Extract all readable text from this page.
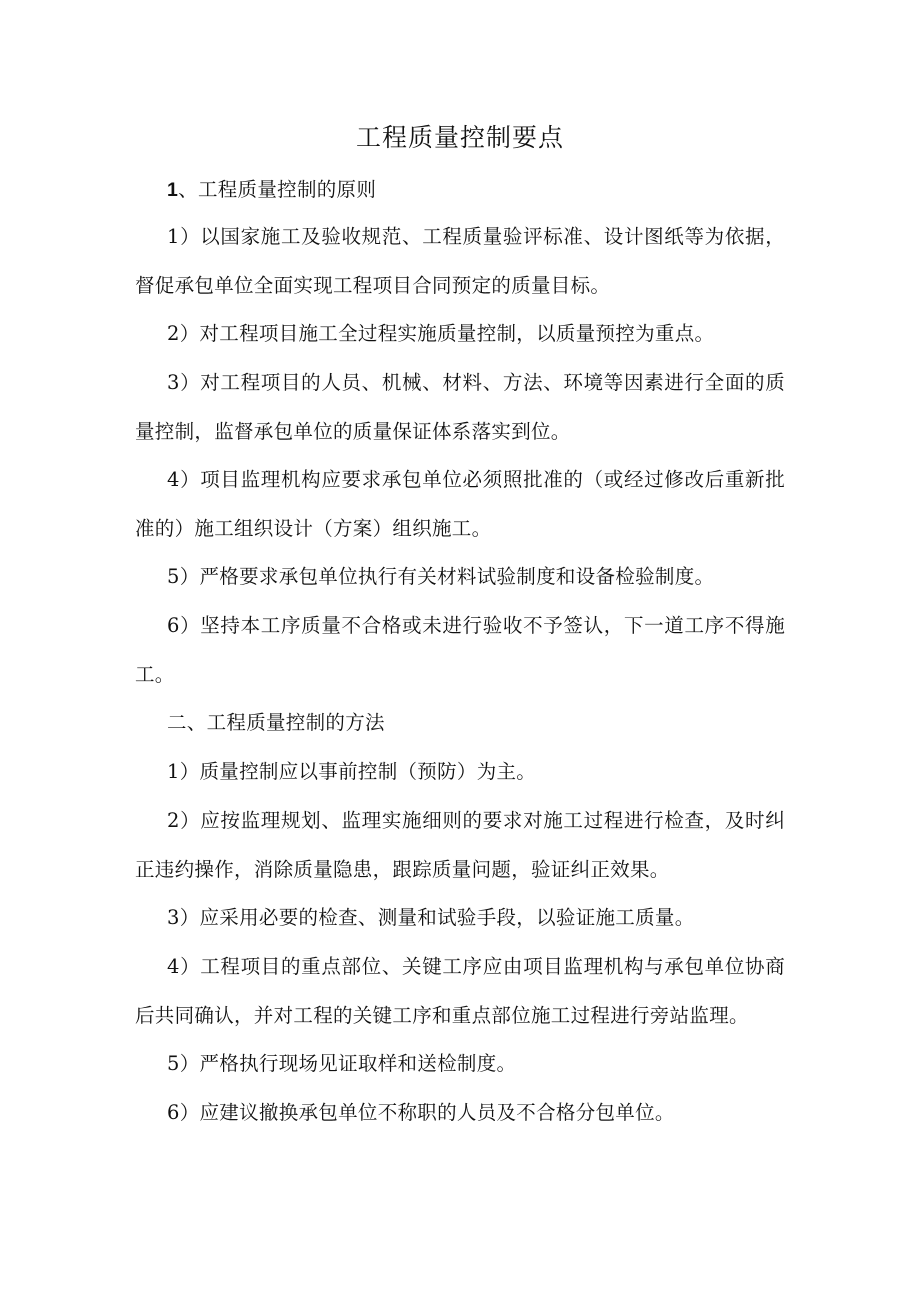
工程质量控制要点

1、工程质量控制的原则

1）以国家施工及验收规范、工程质量验评标准、设计图纸等为依据，督促承包单位全面实现工程项目合同预定的质量目标。

2）对工程项目施工全过程实施质量控制，以质量预控为重点。

3）对工程项目的人员、机械、材料、方法、环境等因素进行全面的质量控制，监督承包单位的质量保证体系落实到位。

4）项目监理机构应要求承包单位必须照批准的（或经过修改后重新批准的）施工组织设计（方案）组织施工。

5）严格要求承包单位执行有关材料试验制度和设备检验制度。

6）坚持本工序质量不合格或未进行验收不予签认，下一道工序不得施工。

二、工程质量控制的方法

1）质量控制应以事前控制（预防）为主。

2）应按监理规划、监理实施细则的要求对施工过程进行检查，及时纠正违约操作，消除质量隐患，跟踪质量问题，验证纠正效果。

3）应采用必要的检查、测量和试验手段，以验证施工质量。

4）工程项目的重点部位、关键工序应由项目监理机构与承包单位协商后共同确认，并对工程的关键工序和重点部位施工过程进行旁站监理。

5）严格执行现场见证取样和送检制度。

6）应建议撤换承包单位不称职的人员及不合格分包单位。
